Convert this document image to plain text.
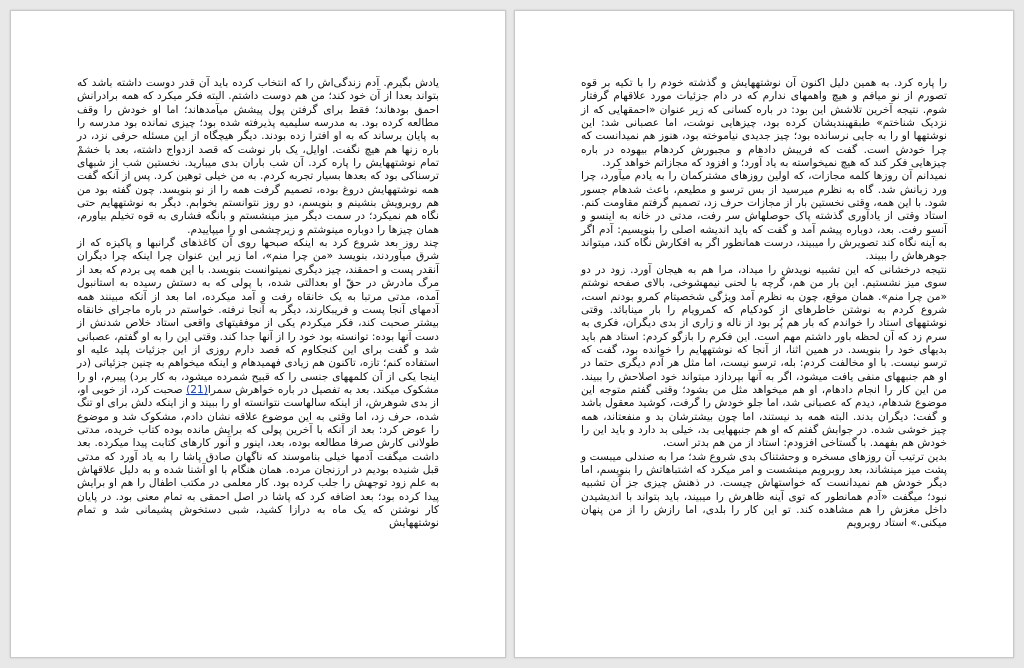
یادش بگیرم. آدم زندگی‌اش را که انتخاب کرده باید آن قدر دوست داشته باشد که بتواند بعدا از آن خود کند؛ من هم دوست داشتم. البته فکر میکرد که همه برادرانش احمق بودهاند؛ فقط برای گرفتن پول پیشش میآمدهاند؛ اما او خودش را وقف مطالعه کرده بود. به مدرسه سلیمیه پذیرفته شده بود؛ چیزی نمانده بود مدرسه را به پایان برساند که به او افترا زده بودند. دیگر هیچگاه از این مسئله حرفی نزد، در باره زنها هم هیچ نگفت. اوایل، یک بار نوشت که قصد ازدواج داشته، بعد با خشمْ تمام نوشتههایش را پاره کرد. آن شب باران بدی میبارید. نخستین شب از شبهای ترسناکی بود که بعدها بسیار تجربه کردم. به من خیلی توهین کرد. پس از آنکه گفت همه نوشتههایش دروغ بوده، تصمیم گرفت همه را از نو بنویسد. چون گفته بود من هم روبرویش بنشینم و بنویسم، دو روز نتوانستم بخوابم. دیگر به نوشتههایم حتی نگاه هم نمیکرد؛ در سمت دیگر میز مینشستم و بانگه فشاری به قوه تخیلم بیاورم، همان چیزها را دوباره مینوشتم و زیرچشمی او را میپاییدم.

چند روز بعد شروع کرد به اینکه صبحها روی آن کاغذهای گرانبها و پاکیزه که از شرق میآوردند، بنویسد «من چرا منم»، اما زیر این عنوان چرا اینکه چرا دیگران آنقدر پست و احمقند، چیز دیگری نمیتوانست بنویسد. با این همه پی بردم که بعد از مرگ مادرش در حقّ او بعدالتی شده، با پولی که به دستش رسیده به استانبول آمده، مدتی مرتبا به یک خانقاه رفت و آمد میکرده، اما بعد از آنکه مبینند همه آدمهای آنجا پست و فریبکارند، دیگر به آنجا نرفته. خواستم در باره ماجرای خانقاه بیشتر صحبت کند، فکر میکردم یکی از موفقیتهای واقعی استاد خلاص شدنش از دست آنها بوده: توانسته بود خود را از آنها جدا کند. وقتی این را به او گفتم، عصبانی شد و گفت برای این کنجکاوم که قصد دارم روزی از این جزئیات پلید علیه او استفاده کنم؛ تازه، تاکنون هم زیادی فهمیدهام و اینکه میخواهم به چنین جزئیاتی (در اینجا یکی از آن کلمههای جنسی را که قبیح شمرده میشود، به کار برد) پیبرم، او را مشکوک میکند. بعد به تفصیل در باره خواهرش سمرا(21) صحبت کرد، از خوبی او، از بدی شوهرش، از اینکه سالهاست نتوانسته او را ببیند و از اینکه دلش برای او تنگ شده، حرف زد، اما وقتی به این موضوع علاقه نشان دادم، مشکوک شد و موضوع را عوض کرد: بعد از آنکه با آخرین پولی که برایش مانده بوده کتاب خریده، مدتی طولانی کارش صرفا مطالعه بوده، بعد، اینور و آنور کارهای کتابت پیدا میکرده. بعد داشت میگفت آدمها خیلی بناموسند که ناگهان صادق پاشا را به یاد آورد که مدتی قبل شنیده بودیم در ارزنجان مرده. همان هنگام با او آشنا شده و به دلیل علاقهاش به علم زود توجهش را جلب کرده بود. کار معلمی در مکتب اطفال را هم او برایش پیدا کرده بود؛ بعد اضافه کرد که پاشا در اصل احمقی به تمام معنی بود. در پایان کار نوشتن که یک ماه به درازا کشید، شبی دستخوش پشیمانی شد و تمام نوشتههایش

را پاره کرد. به همین دلیل اکنون آن نوشتههایش و گذشته خودم را با تکیه بر قوه تصورم از نو میافم و هیچ واهمهای ندارم که در دام جزئیات مورد علاقهام گرفتار شوم. نتیجه آخرین تلاشش این بود: در باره کسانی که زیر عنوان «احمقهایی که از نزدیک شناختم» طبقهبندیشان کرده بود، چیزهایی نوشت، اما عصبانی شد: این نوشتهها او را به جایی نرسانده بود؛ چیز جدیدی نیاموخته بود، هنوز هم نمیدانست که چرا خودش است. گفت که فریبش دادهام و مجبورش کردهام بیهوده در باره چیزهایی فکر کند که هیچ نمیخواسته به یاد آورد؛ و افزود که مجازاتم خواهد کرد.

نمیدانم آن روزها کلمه مجازات، که اولین روزهای مشترکمان را به یادم میآورد، چرا ورد زبانش شد. گاه به نظرم میرسید از بس ترسو و مطیعم، باعث شدهام جسور شود. با این همه، وقتی نخستین بار از مجازات حرف زد، تصمیم گرفتم مقاومت کنم. استاد وقتی از یادآوری گذشته پاک حوصلهاش سر رفت، مدتی در خانه به اینسو و آنسو رفت. بعد، دوباره پیشم آمد و گفت که باید اندیشه اصلی را بنویسیم: آدم اگر به آینه نگاه کند تصویرش را میبیند، درست همانطور اگر به افکارش نگاه کند، میتواند جوهرهاش را ببیند.

نتیجه درخشانی که این تشبیه نویدش را میداد، مرا هم به هیجان آورد. زود در دو سوی میز نشستیم. این بار من هم، گرچه با لحنی نیمهشوخی، بالای صفحه نوشتم «من چرا منم». همان موقع، چون به نظرم آمد ویژگی شخصیتام کمرو بودنم است، شروع کردم به نوشتن خاطرهای از کودکیام که کمرویام را بار مینابائد. وقتی نوشتههای استاد را خواندم که بار هم پُر بود از ناله و زاری از بدی دیگران، فکری به سرم زد که آن لحظه باور داشتم مهم است. این فکرم را بازگو کردم: استاد هم باید بدیهای خود را بنویسد. در همین اثنا، از آنجا که نوشتههایم را خوانده بود، گفت که ترسو نیست. با او مخالفت کردم: بله، ترسو نیست، اما مثل هر آدم دیگری حتما در او هم جنبههای منفی یافت میشود، اگر به آنها بپردازد میتواند خود اصلاحش را ببیند. من این کار را انجام دادهام، او هم میخواهد مثل من بشود؛ وقتی گفتم متوجه این موضوع شدهام، دیدم که عصبانی شد، اما جلو خودش را گرفت، کوشید معقول باشد و گفت: دیگران بدند. البته همه بد نیستند، اما چون بیشترشان بد و منفعتاند، همه چیز خوشی شده. در جوابش گفتم که او هم جنبههایی بد، خیلی بد دارد و باید این را خودش هم بفهمد. با گستاخی افزودم: استاد از من هم بدتر است.

بدین ترتیب آن روزهای مسخره و وحشتناک بدی شروع شد؛ مرا به صندلی میبست و پشت میز مینشاند، بعد روبرویم مینشست و امر میکرد که اشتباهاتش را بنویسم، اما دیگر خودش هم نمیدانست که خواستهاش چیست. در ذهنش چیزی جز آن تشبیه نبود؛ میگفت «آدم همانطور که توی آینه ظاهرش را میبیند، باید بتواند با اندیشیدن داخل مغزش را هم مشاهده کند. تو این کار را بلدی، اما رازش را از من پنهان میکنی.» استاد روبرویم
